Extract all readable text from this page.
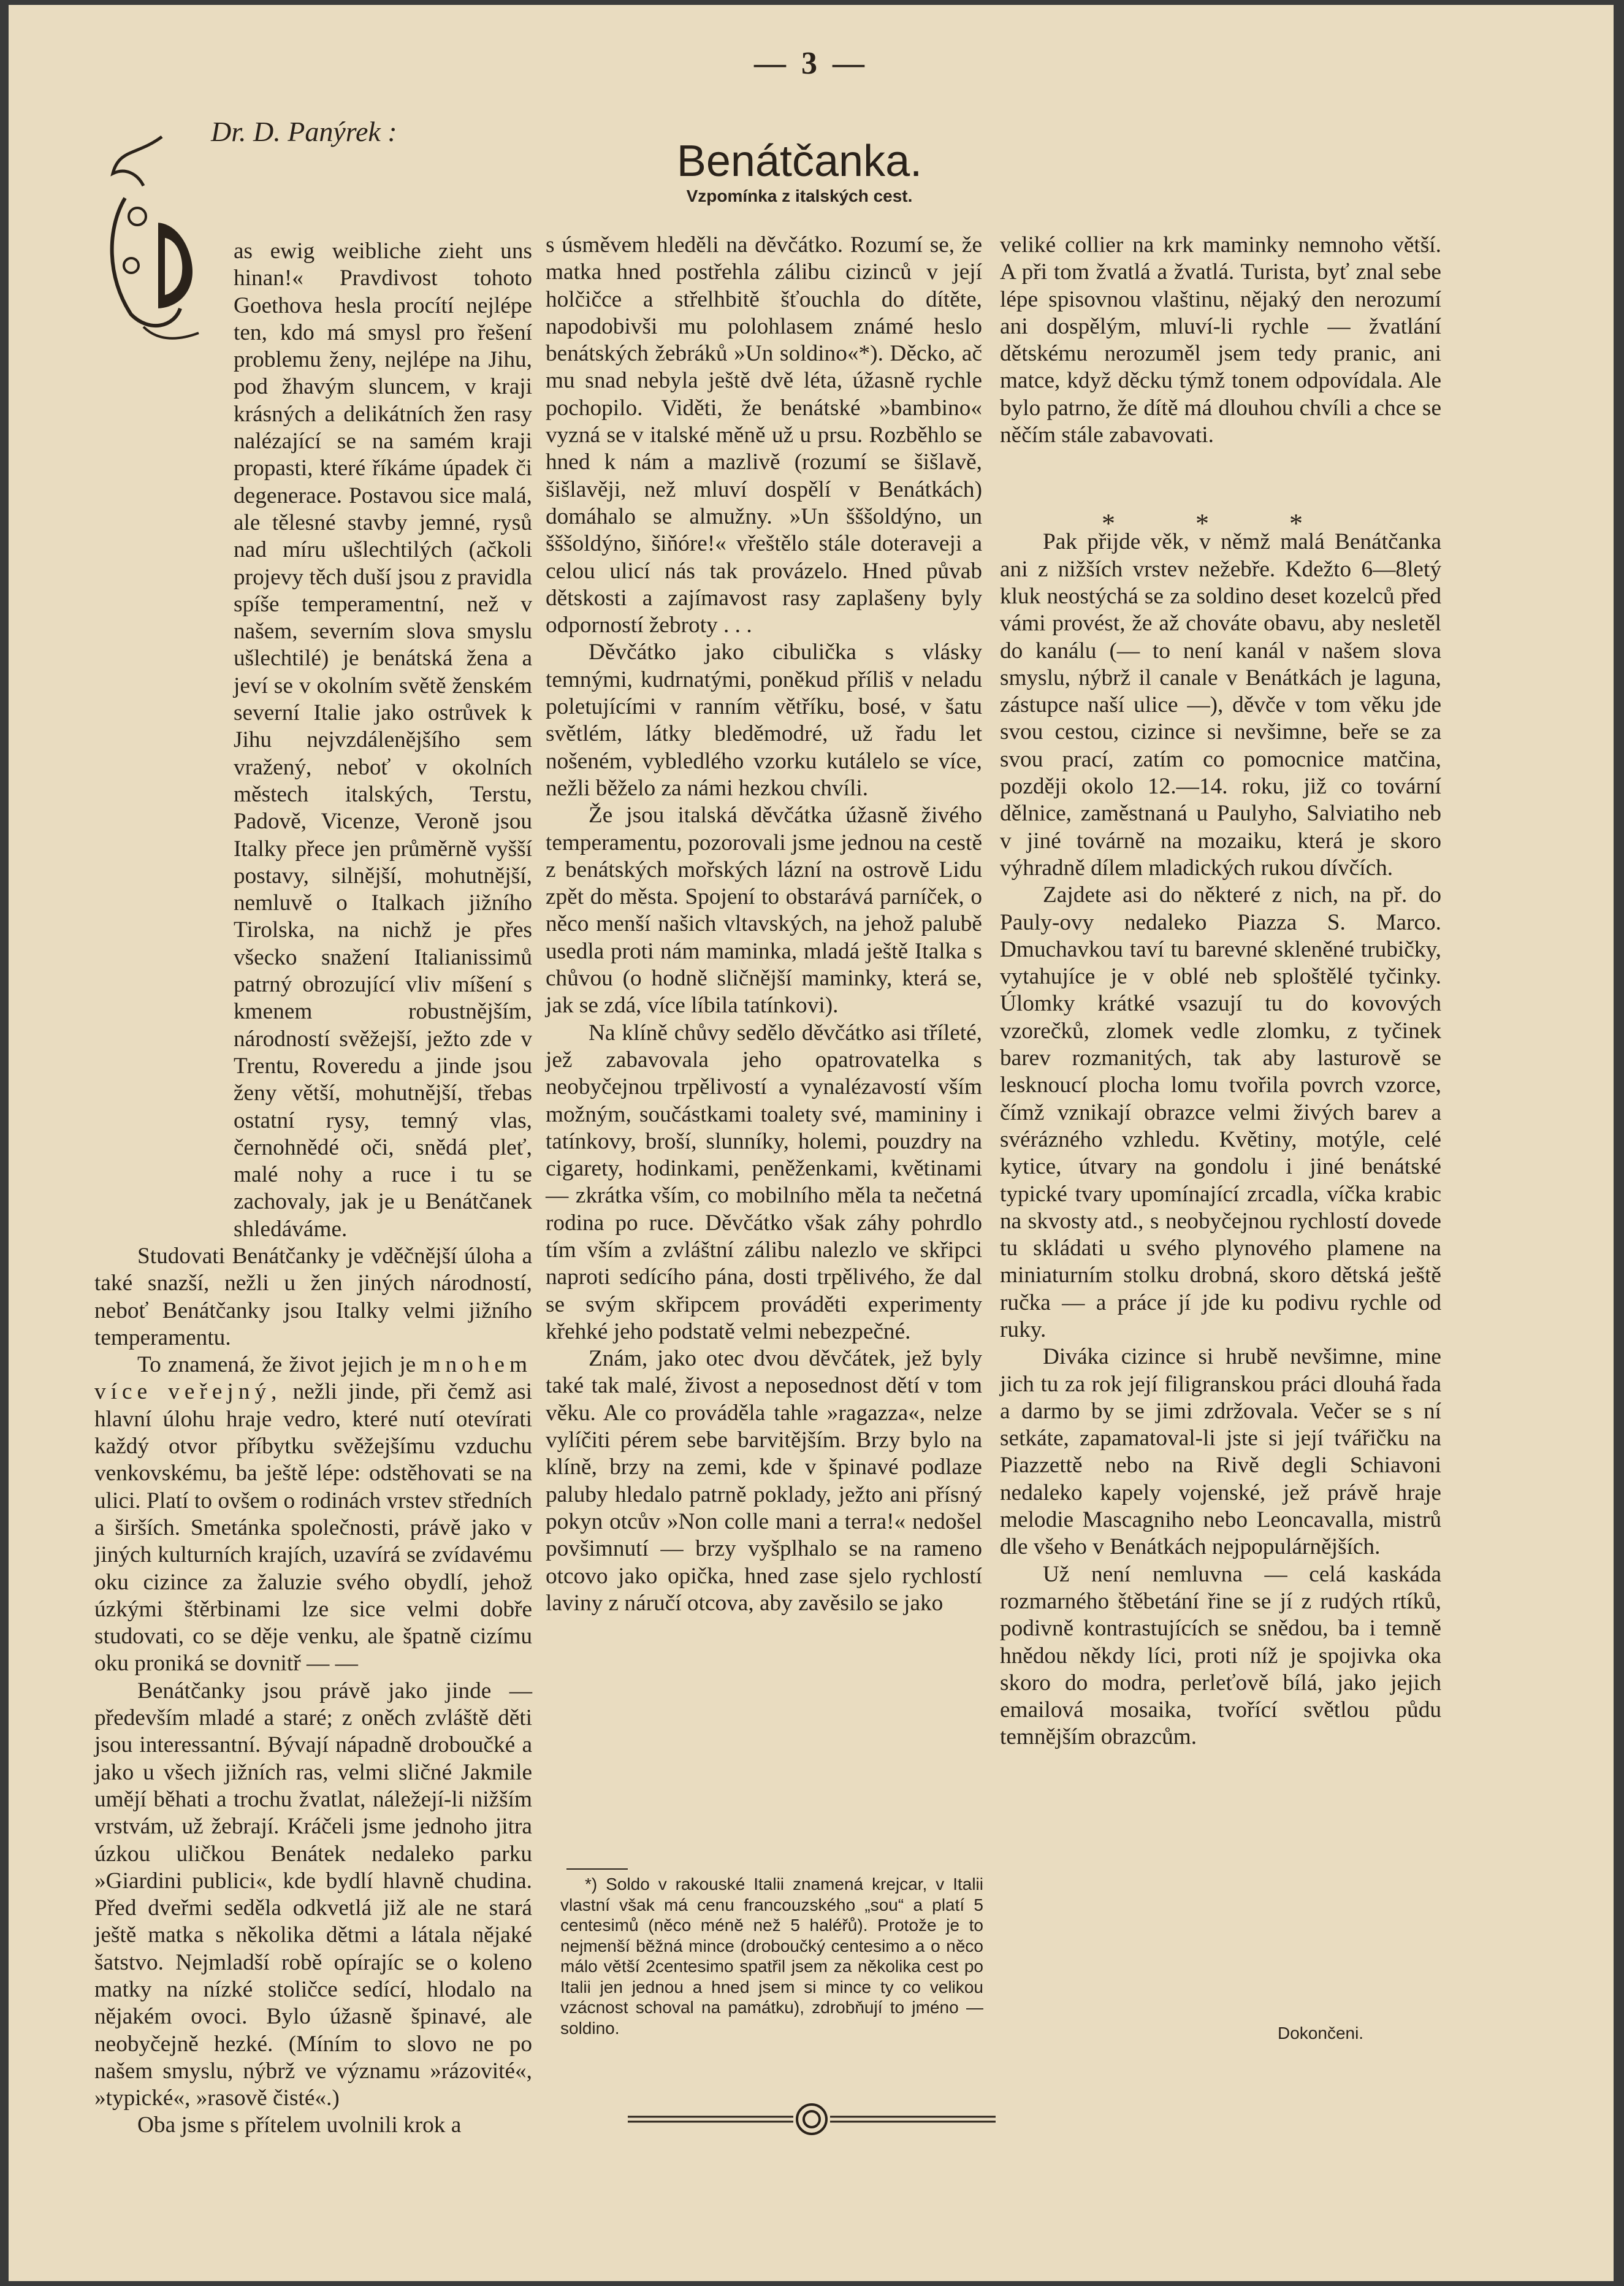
— 3 —
Dr. D. Panýrek :
Benátčanka.
Vzpomínka z italských cest.

as ewig weibliche zieht uns hinan!« Pravdivost tohoto Goethova hesla procítí nejlépe ten, kdo má smysl pro řešení problemu ženy, nejlépe na Jihu, pod žhavým sluncem, v kraji krásných a delikátních žen rasy nalézající se na samém kraji propasti, které říkáme úpadek či degenerace. Postavou sice malá, ale tělesné stavby jemné, rysů nad míru ušlechtilých (ačkoli projevy těch duší jsou z pravidla spíše temperamentní, než v našem, severním slova smyslu ušlechtilé) je benátská žena a jeví se v okolním světě ženském severní Italie jako ostrůvek k Jihu nejvzdálenějšího sem vražený, neboť v okolních městech italských, Terstu, Padově, Vicenze, Veroně jsou Italky přece jen průměrně vyšší postavy, silnější, mohutnější, nemluvě o Italkach jižního Tirolska, na nichž je přes všecko snažení Italianissimů patrný obrozující vliv míšení s kmenem robustnějším, národností svěžejší, ježto zde v Trentu, Roveredu a jinde jsou ženy větší, mohutnější, třebas ostatní rysy, temný vlas, černohnědé oči, snědá pleť, malé nohy a ruce i tu se zachovaly, jak je u Benátčanek shledáváme.

Studovati Benátčanky je vděčnější úloha a také snazší, nežli u žen jiných národností, neboť Benátčanky jsou Italky velmi jižního temperamentu.

To znamená, že život jejich je mnohem více veřejný, nežli jinde, při čemž asi hlavní úlohu hraje vedro, které nutí otevírati každý otvor příbytku svěžejšímu vzduchu venkovskému, ba ještě lépe: odstěhovati se na ulici. Platí to ovšem o rodinách vrstev středních a širších. Smetánka společnosti, právě jako v jiných kulturních krajích, uzavírá se zvídavému oku cizince za žaluzie svého obydlí, jehož úzkými štěrbinami lze sice velmi dobře studovati, co se děje venku, ale špatně cizímu oku proniká se dovnitř — —

Benátčanky jsou právě jako jinde — především mladé a staré; z oněch zvláště děti jsou interessantní. Bývají nápadně droboučké a jako u všech jižních ras, velmi sličné Jakmile umějí běhati a trochu žvatlat, náležejí-li nižším vrstvám, už žebrají. Kráčeli jsme jednoho jitra úzkou uličkou Benátek nedaleko parku »Giardini publici«, kde bydlí hlavně chudina. Před dveřmi seděla odkvetlá již ale ne stará ještě matka s několika dětmi a látala nějaké šatstvo. Nejmladší robě opírajíc se o koleno matky na nízké stoličce sedící, hlodalo na nějakém ovoci. Bylo úžasně špinavé, ale neobyčejně hezké. (Míním to slovo ne po našem smyslu, nýbrž ve významu »rázovité«, »typické«, »rasově čisté«.)

Oba jsme s přítelem uvolnili krok a

s úsměvem hleděli na děvčátko. Rozumí se, že matka hned postřehla zálibu cizinců v její holčičce a střelhbitě šťouchla do dítěte, napodobivši mu polohlasem známé heslo benátských žebráků »Un soldino«*). Děcko, ač mu snad nebyla ještě dvě léta, úžasně rychle pochopilo. Viděti, že benátské »bambino« vyzná se v italské měně už u prsu. Rozběhlo se hned k nám a mazlivě (rozumí se šišlavě, šišlavěji, než mluví dospělí v Benátkách) domáhalo se almužny. »Un šššoldýno, un šššoldýno, šiňóre!« vřeštělo stále doteraveji a celou ulicí nás tak provázelo. Hned půvab dětskosti a zajímavost rasy zaplašeny byly odporností žebroty . . .

Děvčátko jako cibulička s vlásky temnými, kudrnatými, poněkud příliš v neladu poletujícími v ranním větříku, bosé, v šatu světlém, látky bleděmodré, už řadu let nošeném, vybledlého vzorku kutálelo se více, nežli běželo za námi hezkou chvíli.

Že jsou italská děvčátka úžasně živého temperamentu, pozorovali jsme jednou na cestě z benátských mořských lázní na ostrově Lidu zpět do města. Spojení to obstarává parníček, o něco menší našich vltavských, na jehož palubě usedla proti nám maminka, mladá ještě Italka s chůvou (o hodně sličnější maminky, která se, jak se zdá, více líbila tatínkovi).

Na klíně chůvy sedělo děvčátko asi tříleté, jež zabavovala jeho opatrovatelka s neobyčejnou trpělivostí a vynalézavostí vším možným, součástkami toalety své, mamininy i tatínkovy, broší, slunníky, holemi, pouzdry na cigarety, hodinkami, peněženkami, květinami — zkrátka vším, co mobilního měla ta nečetná rodina po ruce. Děvčátko však záhy pohrdlo tím vším a zvláštní zálibu nalezlo ve skřipci naproti sedícího pána, dosti trpělivého, že dal se svým skřipcem prováděti experimenty křehké jeho podstatě velmi nebezpečné.

Znám, jako otec dvou děvčátek, jež byly také tak malé, živost a neposednost dětí v tom věku. Ale co prováděla tahle »ragazza«, nelze vylíčiti pérem sebe barvitějším. Brzy bylo na klíně, brzy na zemi, kde v špinavé podlaze paluby hledalo patrně poklady, ježto ani přísný pokyn otcův »Non colle mani a terra!« nedošel povšimnutí — brzy vyšplhalo se na rameno otcovo jako opička, hned zase sjelo rychlostí laviny z náručí otcova, aby zavěsilo se jako

veliké collier na krk maminky nemnoho větší. A při tom žvatlá a žvatlá. Turista, byť znal sebe lépe spisovnou vlaštinu, nějaký den nerozumí ani dospělým, mluví-li rychle — žvatlání dětskému nerozuměl jsem tedy pranic, ani matce, když děcku týmž tonem odpovídala. Ale bylo patrno, že dítě má dlouhou chvíli a chce se něčím stále zabavovati.

Pak přijde věk, v němž malá Benátčanka ani z nižších vrstev nežebře. Kdežto 6—8letý kluk neostýchá se za soldino deset kozelců před vámi provést, že až chováte obavu, aby nesletěl do kanálu (— to není kanál v našem slova smyslu, nýbrž il canale v Benátkách je laguna, zástupce naší ulice —), děvče v tom věku jde svou cestou, cizince si nevšimne, beře se za svou prací, zatím co pomocnice matčina, později okolo 12.—14. roku, již co tovární dělnice, zaměstnaná u Paulyho, Salviatiho neb v jiné továrně na mozaiku, která je skoro výhradně dílem mladických rukou dívčích.

Zajdete asi do některé z nich, na př. do Pauly-ovy nedaleko Piazza S. Marco. Dmuchavkou taví tu barevné skleněné trubičky, vytahujíce je v oblé neb sploštělé tyčinky. Úlomky krátké vsazují tu do kovových vzorečků, zlomek vedle zlomku, z tyčinek barev rozmanitých, tak aby lasturově se lesknoucí plocha lomu tvořila povrch vzorce, čímž vznikají obrazce velmi živých barev a svérázného vzhledu. Květiny, motýle, celé kytice, útvary na gondolu i jiné benátské typické tvary upomínající zrcadla, víčka krabic na skvosty atd., s neobyčejnou rychlostí dovede tu skládati u svého plynového plamene na miniaturním stolku drobná, skoro dětská ještě ručka — a práce jí jde ku podivu rychle od ruky.

Diváka cizince si hrubě nevšimne, mine jich tu za rok její filigranskou práci dlouhá řada a darmo by se jimi zdržovala. Večer se s ní setkáte, zapamatoval-li jste si její tvářičku na Piazzettě nebo na Rivě degli Schiavoni nedaleko kapely vojenské, jež právě hraje melodie Mascagniho nebo Leoncavalla, mistrů dle všeho v Benátkách nejpopulárnějších.

Už není nemluvna — celá kaskáda rozmarného štěbetání řine se jí z rudých rtíků, podivně kontrastujících se snědou, ba i temně hnědou někdy líci, proti níž je spojivka oka skoro do modra, perleťově bílá, jako jejich emailová mosaika, tvořící světlou půdu temnějším obrazcům.

* * *

*) Soldo v rakouské Italii znamená krejcar, v Italii vlastní však má cenu francouzského „sou“ a platí 5 centesimů (něco méně než 5 haléřů). Protože je to nejmenší běžná mince (droboučký centesimo a o něco málo větší 2centesimo spatřil jsem za několika cest po Italii jen jednou a hned jsem si mince ty co velikou vzácnost schoval na památku), zdrobňují to jméno — soldino.	Dokončeni.
